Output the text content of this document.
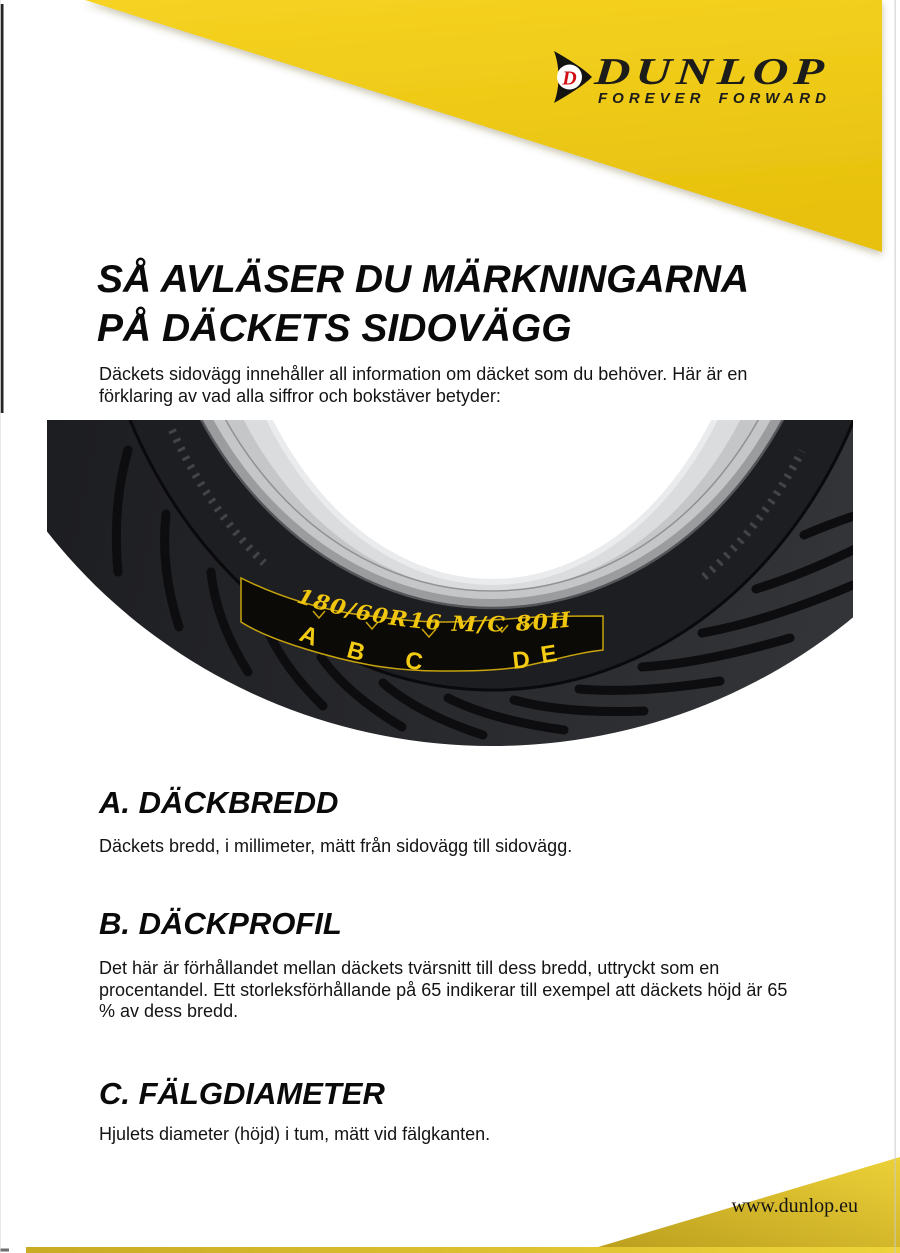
D DUNLOP
FOREVER FORWARD
SÅ AVLÄSER DU MÄRKNINGARNA
PÅ DÄCKETS SIDOVÄGG
Däckets sidovägg innehåller all information om däcket som du behöver. Här är en
förklaring av vad alla siffror och bokstäver betyder:
180/60R16 M/C 80H
A B C	D E
A. DÄCKBREDD
Däckets bredd, i millimeter, mätt från sidovägg till sidovägg.
B. DÄCKPROFIL
Det här är förhållandet mellan däckets tvärsnitt till dess bredd, uttryckt som en
procentandel. Ett storleksförhållande på 65 indikerar till exempel att däckets höjd är 65
% av dess bredd.
C. FÄLGDIAMETER
Hjulets diameter (höjd) i tum, mätt vid fälgkanten.
www.dunlop.eu
